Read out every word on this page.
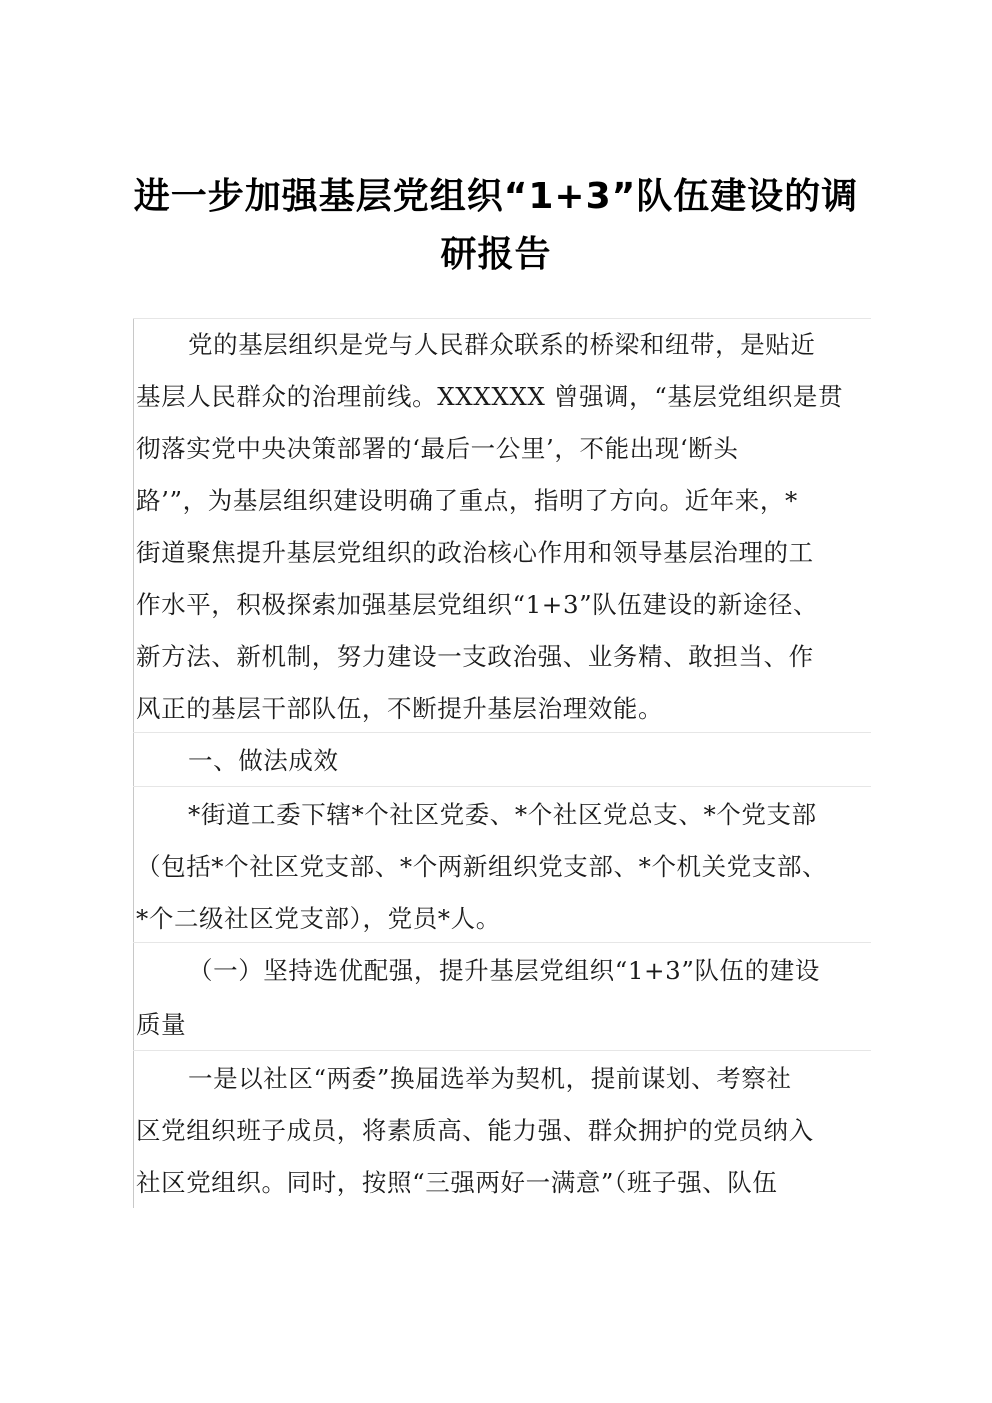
进一步加强基层党组织“1+3”队伍建设的调
研报告
党的基层组织是党与人民群众联系的桥梁和纽带，是贴近
基层人民群众的治理前线。XXXXXX 曾强调，“基层党组织是贯
彻落实党中央决策部署的‘最后一公里’，不能出现‘断头
路’”，为基层组织建设明确了重点，指明了方向。近年来，*
街道聚焦提升基层党组织的政治核心作用和领导基层治理的工
作水平，积极探索加强基层党组织“1+3”队伍建设的新途径、
新方法、新机制，努力建设一支政治强、业务精、敢担当、作
风正的基层干部队伍，不断提升基层治理效能。
一、做法成效
*街道工委下辖*个社区党委、*个社区党总支、*个党支部
（包括*个社区党支部、*个两新组织党支部、*个机关党支部、
*个二级社区党支部），党员*人。
（一）坚持选优配强，提升基层党组织“1+3”队伍的建设
质量
一是以社区“两委”换届选举为契机，提前谋划、考察社
区党组织班子成员，将素质高、能力强、群众拥护的党员纳入
社区党组织。同时，按照“三强两好一满意”（班子强、队伍
